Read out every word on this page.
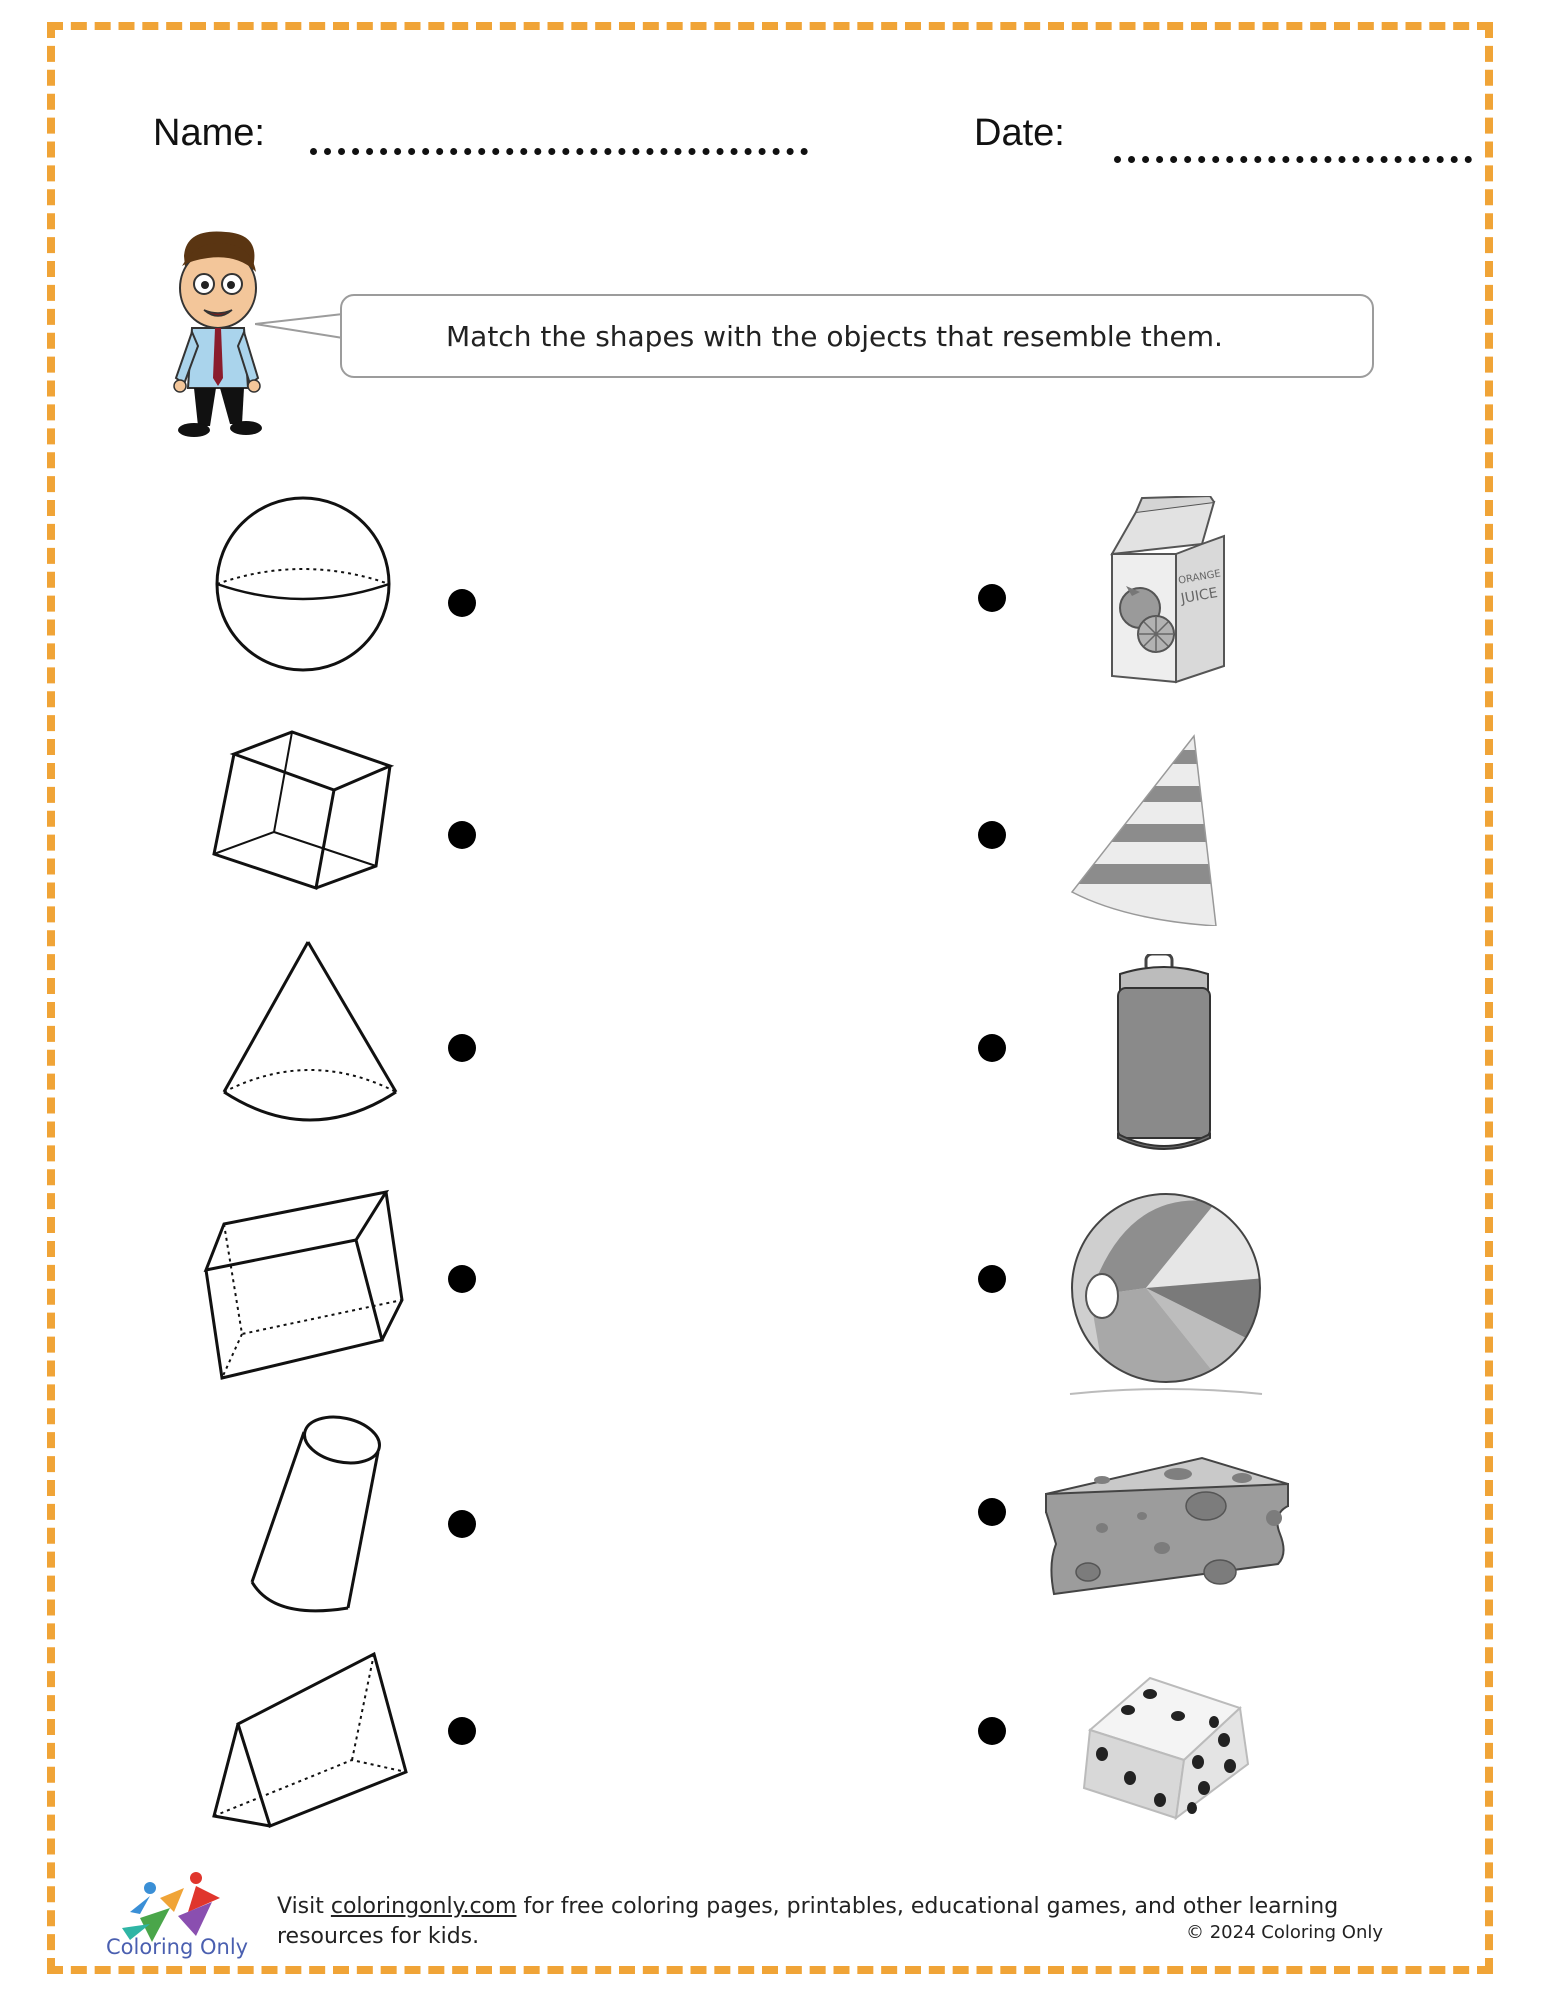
Name:	Date:
Match the shapes with the objects that resemble them.
ORANGE
JUICE
Coloring Only
Visit coloringonly.com for free coloring pages, printables, educational games, and other learning resources for kids.	© 2024 Coloring Only
